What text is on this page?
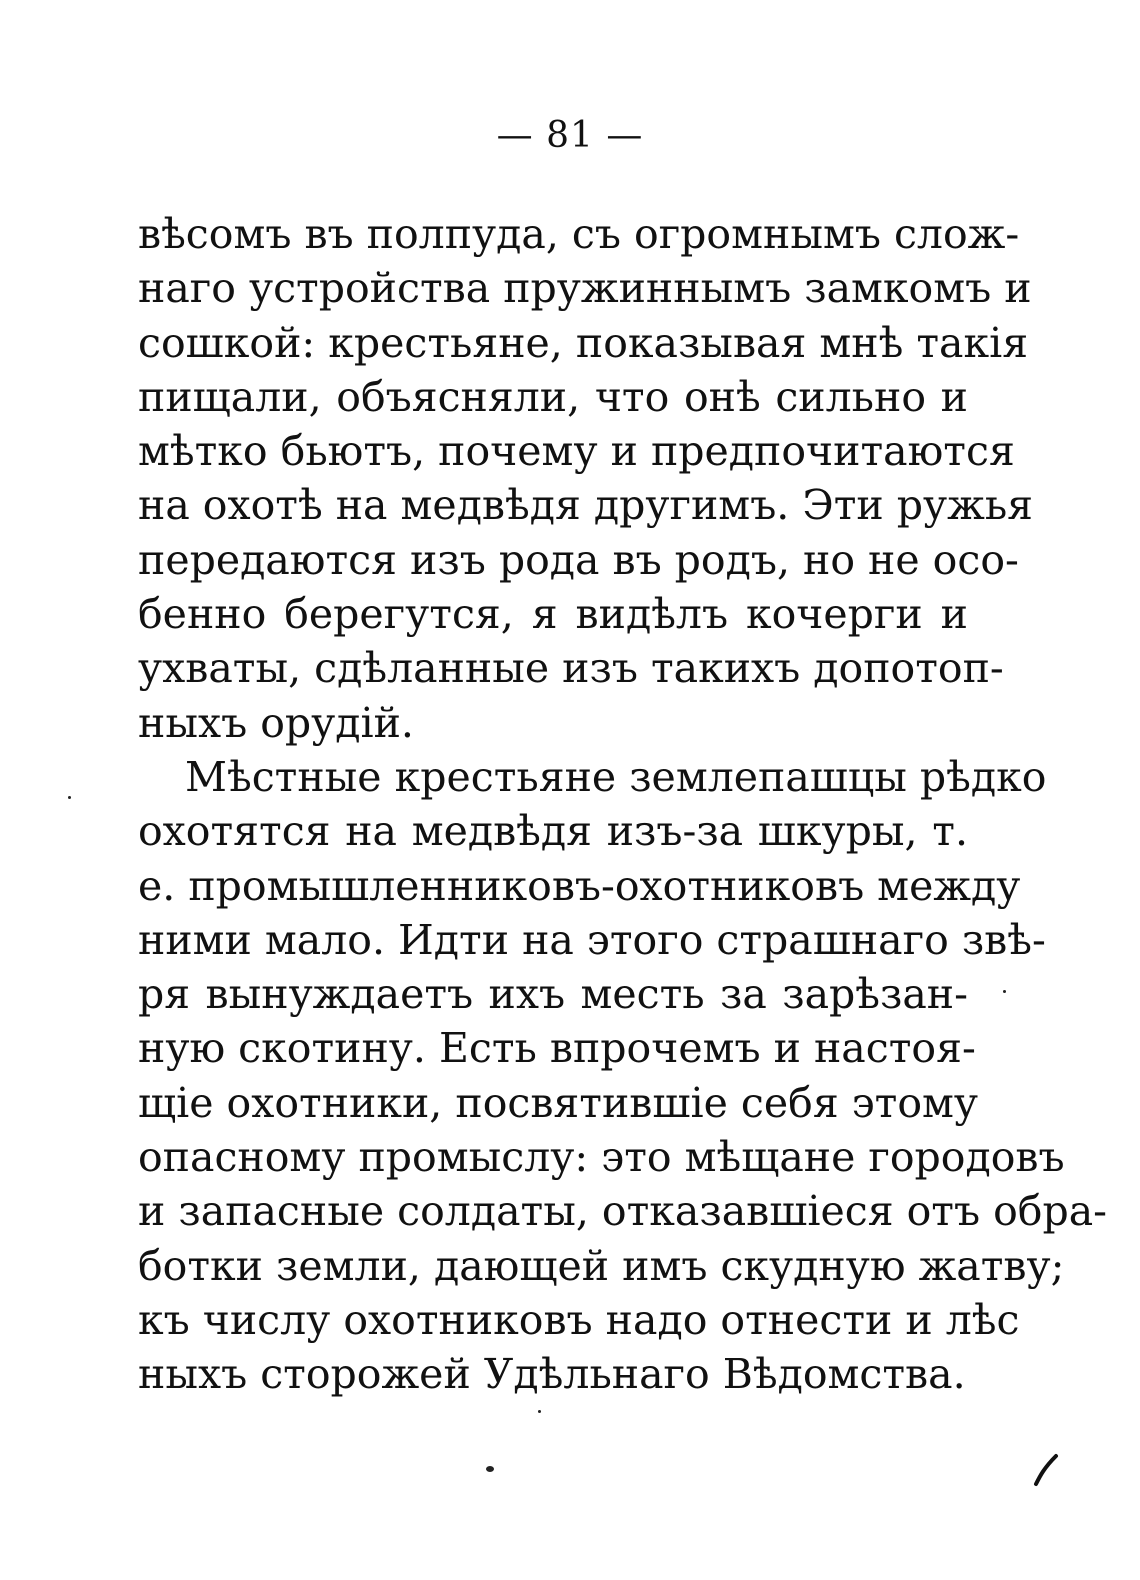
— 81 —
вѣсомъ въ полпуда, съ огромнымъ слож-
наго устройства пружиннымъ замкомъ и
сошкой: крестьяне, показывая мнѣ такія
пищали, объясняли, что онѣ сильно и
мѣтко бьютъ, почему и предпочитаются
на охотѣ на медвѣдя другимъ. Эти ружья
передаются изъ рода въ родъ, но не осо-
бенно берегутся, я видѣлъ кочерги и
ухваты, сдѣланные изъ такихъ допотоп-
ныхъ орудій.
Мѣстные крестьяне землепашцы рѣдко
охотятся на медвѣдя изъ-за шкуры, т.
е. промышленниковъ-охотниковъ между
ними мало. Идти на этого страшнаго звѣ-
ря вынуждаетъ ихъ месть за зарѣзан-
ную скотину. Есть впрочемъ и настоя-
щіе охотники, посвятившіе себя этому
опасному промыслу: это мѣщане городовъ
и запасные солдаты, отказавшіеся отъ обра-
ботки земли, дающей имъ скудную жатву;
къ числу охотниковъ надо отнести и лѣс
ныхъ сторожей Удѣльнаго Вѣдомства.
